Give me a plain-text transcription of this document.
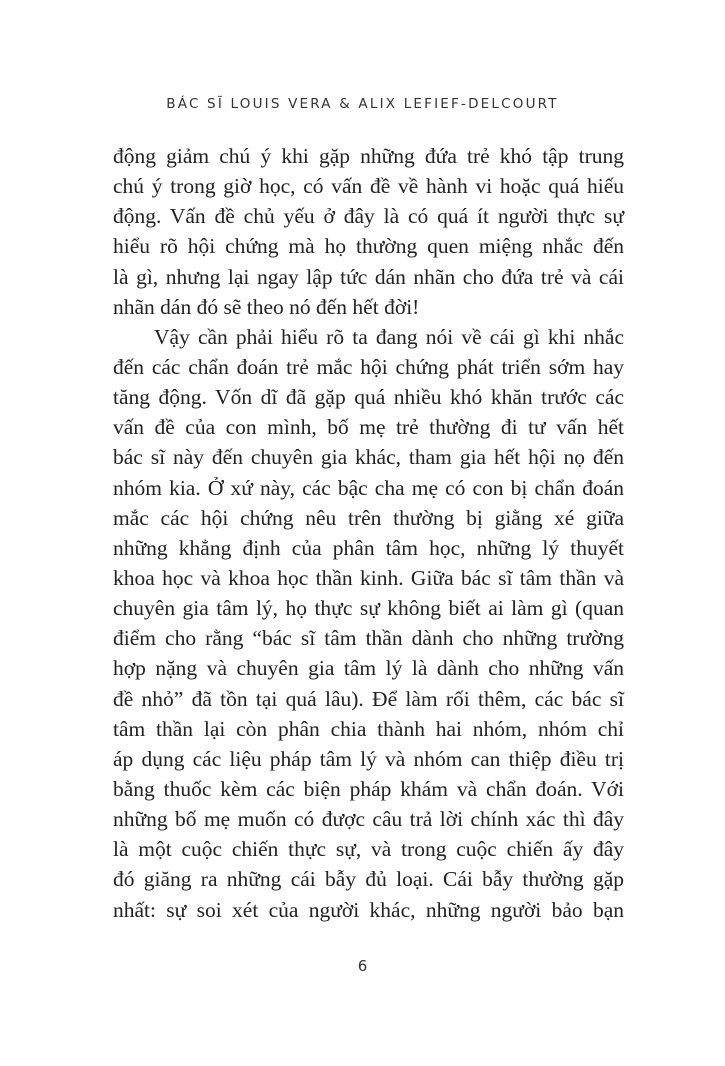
BÁC SĨ LOUIS VERA & ALIX LEFIEF-DELCOURT
động giảm chú ý khi gặp những đứa trẻ khó tập trung
chú ý trong giờ học, có vấn đề về hành vi hoặc quá hiếu
động. Vấn đề chủ yếu ở đây là có quá ít người thực sự
hiểu rõ hội chứng mà họ thường quen miệng nhắc đến
là gì, nhưng lại ngay lập tức dán nhãn cho đứa trẻ và cái
nhãn dán đó sẽ theo nó đến hết đời!
Vậy cần phải hiểu rõ ta đang nói về cái gì khi nhắc
đến các chẩn đoán trẻ mắc hội chứng phát triển sớm hay
tăng động. Vốn dĩ đã gặp quá nhiều khó khăn trước các
vấn đề của con mình, bố mẹ trẻ thường đi tư vấn hết
bác sĩ này đến chuyên gia khác, tham gia hết hội nọ đến
nhóm kia. Ở xứ này, các bậc cha mẹ có con bị chẩn đoán
mắc các hội chứng nêu trên thường bị giằng xé giữa
những khẳng định của phân tâm học, những lý thuyết
khoa học và khoa học thần kinh. Giữa bác sĩ tâm thần và
chuyên gia tâm lý, họ thực sự không biết ai làm gì (quan
điểm cho rằng “bác sĩ tâm thần dành cho những trường
hợp nặng và chuyên gia tâm lý là dành cho những vấn
đề nhỏ” đã tồn tại quá lâu). Để làm rối thêm, các bác sĩ
tâm thần lại còn phân chia thành hai nhóm, nhóm chỉ
áp dụng các liệu pháp tâm lý và nhóm can thiệp điều trị
bằng thuốc kèm các biện pháp khám và chẩn đoán. Với
những bố mẹ muốn có được câu trả lời chính xác thì đây
là một cuộc chiến thực sự, và trong cuộc chiến ấy đây
đó giăng ra những cái bẫy đủ loại. Cái bẫy thường gặp
nhất: sự soi xét của người khác, những người bảo bạn
6
